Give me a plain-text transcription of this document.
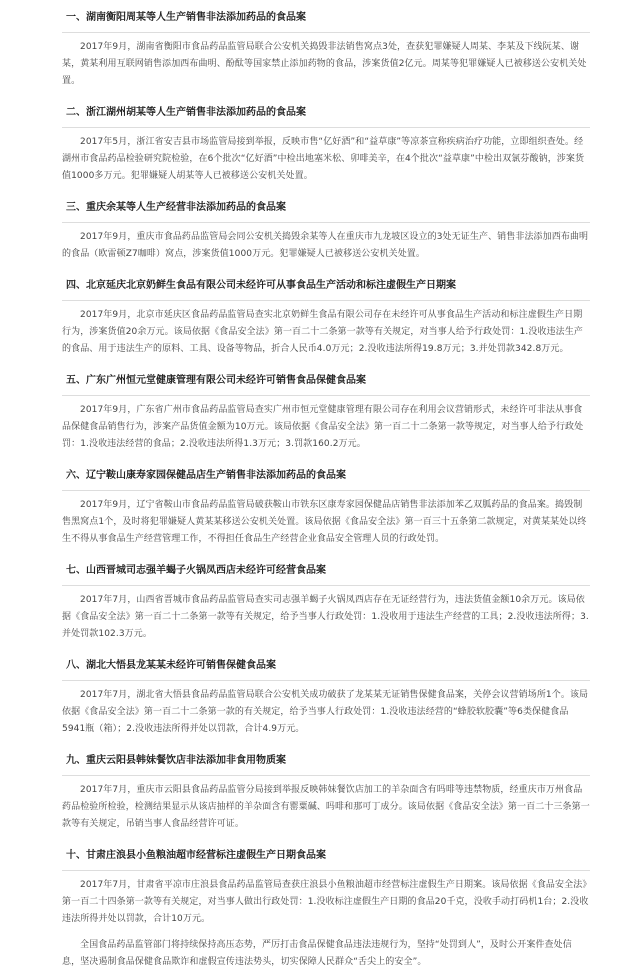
一、湖南衡阳周某等人生产销售非法添加药品的食品案

2017年9月，湖南省衡阳市食品药品监管局联合公安机关捣毁非法销售窝点3处，查获犯罪嫌疑人周某、李某及下线阮某、谢某，黄某利用互联网销售添加西布曲明、酚酞等国家禁止添加药物的食品，涉案货值2亿元。周某等犯罪嫌疑人已被移送公安机关处置。

二、浙江湖州胡某等人生产销售非法添加药品的食品案

2017年5月，浙江省安吉县市场监管局接到举报，反映市售“亿好酒”和“益草康”等凉茶宣称疾病治疗功能，立即组织查处。经湖州市食品药品检验研究院检验，在6个批次“亿好酒”中检出地塞米松、卯啡美辛，在4个批次“益草康”中检出双氯芬酸钠，涉案货值1000多万元。犯罪嫌疑人胡某等人已被移送公安机关处置。

三、重庆余某等人生产经营非法添加药品的食品案

2017年9月，重庆市食品药品监管局会同公安机关捣毁余某等人在重庆市九龙坡区设立的3处无证生产、销售非法添加西布曲明的食品（欧雷顿Z7咖啡）窝点，涉案货值1000万元。犯罪嫌疑人已被移送公安机关处置。

四、北京延庆北京奶鲜生食品有限公司未经许可从事食品生产活动和标注虚假生产日期案

2017年9月，北京市延庆区食品药品监管局查实北京奶鲜生食品有限公司存在未经许可从事食品生产活动和标注虚假生产日期行为，涉案货值20余万元。该局依据《食品安全法》第一百二十二条第一款等有关规定，对当事人给予行政处罚：1.没收违法生产的食品、用于违法生产的原料、工具、设备等物品，折合人民币4.0万元；2.没收违法所得19.8万元；3.并处罚款342.8万元。

五、广东广州恒元堂健康管理有限公司未经许可销售食品保健食品案

2017年9月，广东省广州市食品药品监管局查实广州市恒元堂健康管理有限公司存在利用会议营销形式，未经许可非法从事食品保健食品销售行为，涉案产品货值金额为10万元。该局依据《食品安全法》第一百二十二条第一款等规定，对当事人给予行政处罚：1.没收违法经营的食品；2.没收违法所得1.3万元；3.罚款160.2万元。

六、辽宁鞍山康寿家园保健品店生产销售非法添加药品的食品案

2017年9月，辽宁省鞍山市食品药品监管局破获鞍山市铁东区康寿家园保健品店销售非法添加苯乙双胍药品的食品案。捣毁制售黑窝点1个，及时将犯罪嫌疑人黄某某移送公安机关处置。该局依据《食品安全法》第一百三十五条第二款规定，对黄某某处以终生不得从事食品生产经营管理工作，不得担任食品生产经营企业食品安全管理人员的行政处罚。

七、山西晋城司志强羊蝎子火锅凤西店未经许可经营食品案

2017年7月，山西省晋城市食品药品监管局查实司志强羊蝎子火锅凤西店存在无证经营行为，违法货值金额10余万元。该局依据《食品安全法》第一百二十二条第一款等有关规定，给予当事人行政处罚：1.没收用于违法生产经营的工具；2.没收违法所得；3.并处罚款102.3万元。

八、湖北大悟县龙某某未经许可销售保健食品案

2017年7月，湖北省大悟县食品药品监管局联合公安机关成功破获了龙某某无证销售保健食品案，关停会议营销场所1个。该局依据《食品安全法》第一百二十二条第一款的有关规定，给予当事人行政处罚：1.没收违法经营的“蜂胶软胶囊”等6类保健食品5941瓶（箱）；2.没收违法所得并处以罚款，合计4.9万元。

九、重庆云阳县韩妹餐饮店非法添加非食用物质案

2017年7月，重庆市云阳县食品药品监管分局接到举报反映韩妹餐饮店加工的羊杂面含有吗啡等违禁物质，经重庆市万州食品药品检验所检验，检测结果显示从该店抽样的羊杂面含有罂粟碱、吗啡和那可丁成分。该局依据《食品安全法》第一百二十三条第一款等有关规定，吊销当事人食品经营许可证。

十、甘肃庄浪县小鱼粮油超市经营标注虚假生产日期食品案

2017年7月，甘肃省平凉市庄浪县食品药品监管局查获庄浪县小鱼粮油超市经营标注虚假生产日期案。该局依据《食品安全法》第一百二十四条第一款等有关规定，对当事人做出行政处罚：1.没收标注虚假生产日期的食品20千克，没收手动打码机1台；2.没收违法所得并处以罚款，合计10万元。

全国食品药品监管部门将持续保持高压态势，严厉打击食品保健食品违法违规行为，坚持“处罚到人”，及时公开案件查处信息，坚决遏制食品保健食品欺诈和虚假宣传违法势头，切实保障人民群众“舌尖上的安全”。
